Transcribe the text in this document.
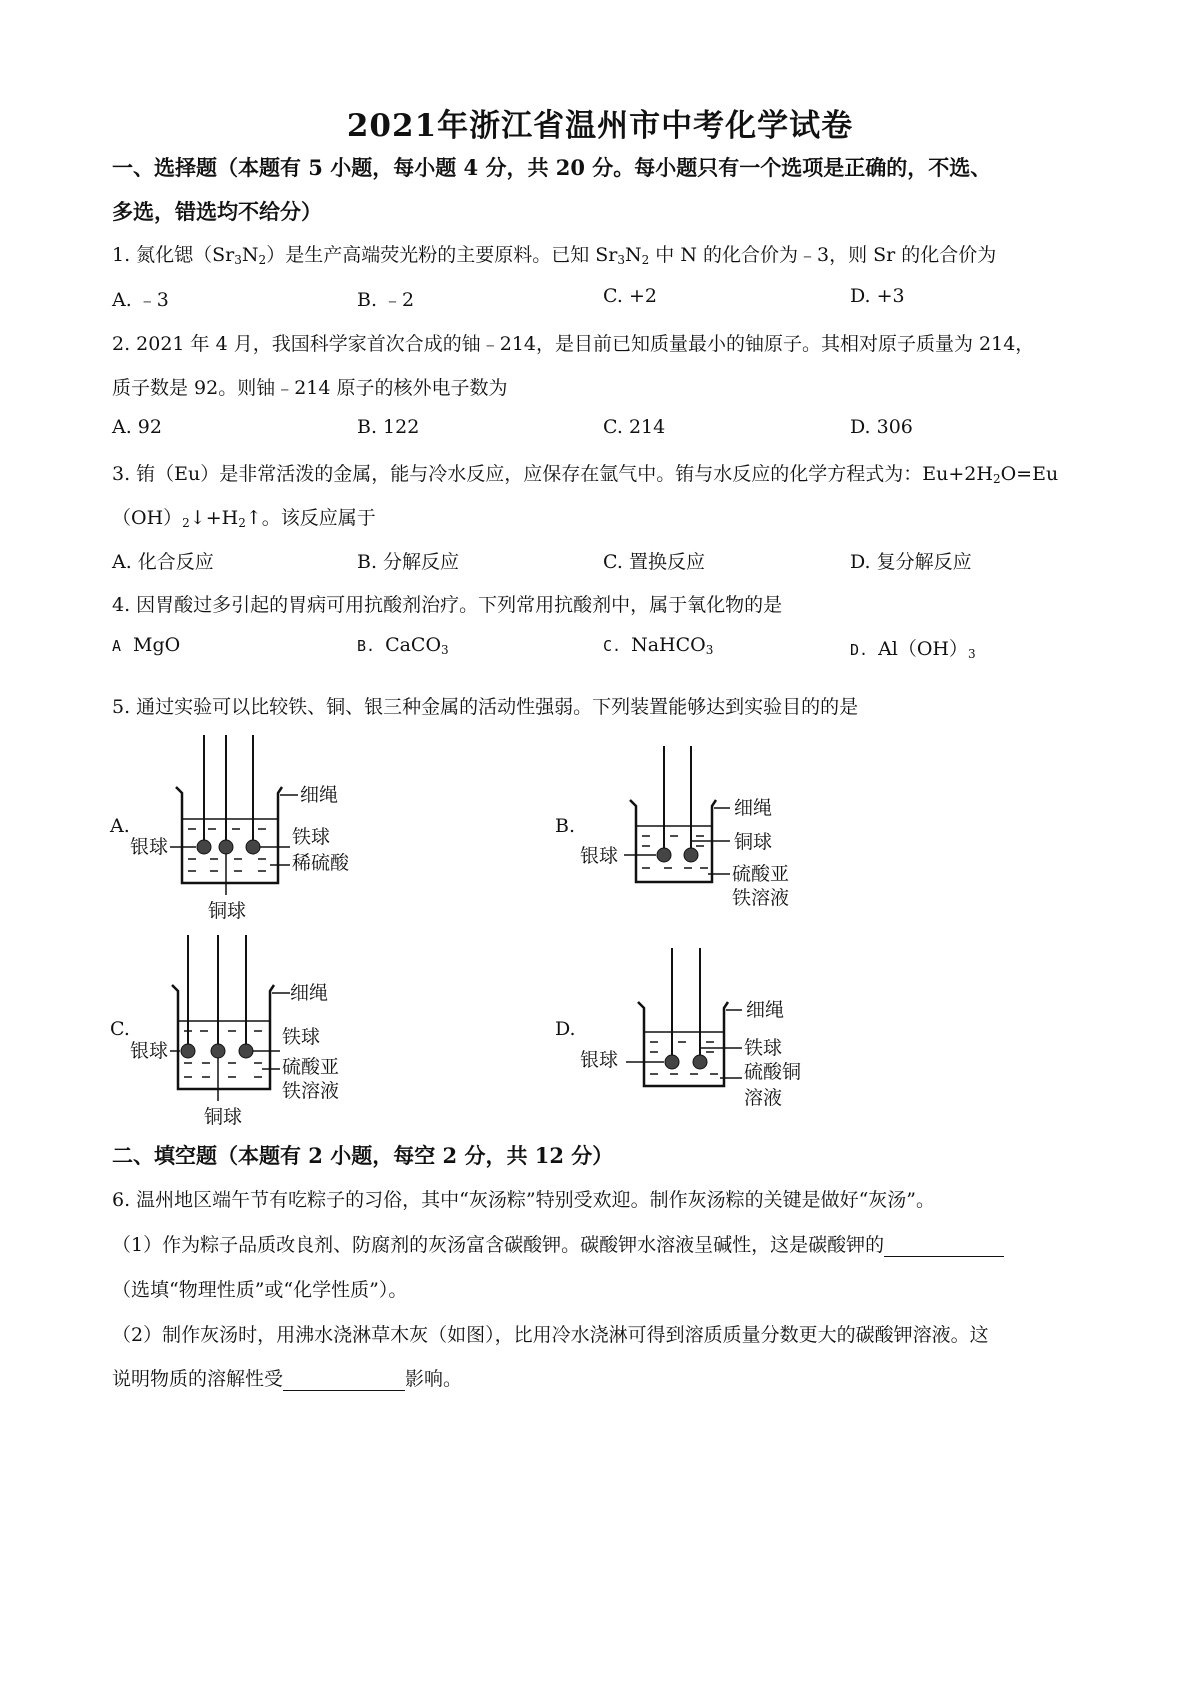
2021年浙江省温州市中考化学试卷
一、选择题（本题有 5 小题，每小题 4 分，共 20 分。每小题只有一个选项是正确的，不选、
多选，错选均不给分）
1. 氮化锶$(Sr_3N_2)$是生产高端荧光粉的主要原料。已知 $Sr_3N_2$ 中 N 的化合价为﹣3，则 Sr 的化合价为
A. ﹣3	B. ﹣2	C. +2	D. +3
2. 2021 年 4 月，我国科学家首次合成的铀﹣214，是目前已知质量最小的铀原子。其相对原子质量为 214，
质子数是 92。则铀﹣214 原子的核外电子数为
A. 92	B. 122	C. 214	D. 306
3. 铕（Eu）是非常活泼的金属，能与冷水反应，应保存在氩气中。铕与水反应的化学方程式为：$Eu+2H_2O=Eu$
$(OH)_2↓+H_2↑$。该反应属于
A. 化合反应	B. 分解反应	C. 置换反应	D. 复分解反应
4. 因胃酸过多引起的胃病可用抗酸剂治疗。下列常用抗酸剂中，属于氧化物的是
A MgO	B. CaCO$_3$	C. NaHCO$_3$	D. $Al(OH)_3$
5. 通过实验可以比较铁、铜、银三种金属的活动性强弱。下列装置能够达到实验目的的是
A.
细绳
银球	铁球
稀硫酸
铜球
B.
细绳
铜球
银球
硫酸亚
铁溶液
C.
细绳
银球
铁球
硫酸亚
铁溶液
铜球
D.
细绳
银球
铁球
硫酸铜
溶液
二、填空题（本题有 2 小题，每空 2 分，共 12 分）
6. 温州地区端午节有吃粽子的习俗，其中“灰汤粽”特别受欢迎。制作灰汤粽的关键是做好“灰汤”。
（1）作为粽子品质改良剂、防腐剂的灰汤富含碳酸钾。碳酸钾水溶液呈碱性，这是碳酸钾的
（选填“物理性质”或“化学性质”）。
（2）制作灰汤时，用沸水浇淋草木灰（如图），比用冷水浇淋可得到溶质质量分数更大的碳酸钾溶液。这
说明物质的溶解性受	影响。
